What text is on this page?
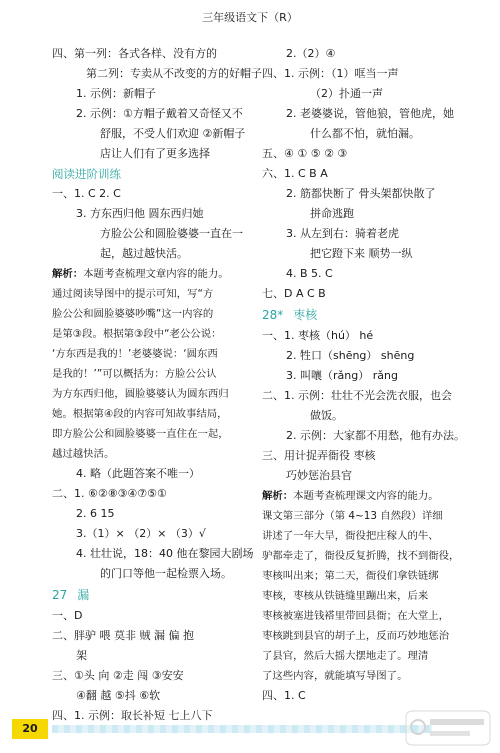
三年级语文下（R）
四、第一列：各式各样、没有方的
第二列：专卖从不改变的方的好帽子
1. 示例：新帽子
2. 示例：①方帽子戴着又奇怪又不
舒服，不受人们欢迎 ②新帽子
店让人们有了更多选择
阅读进阶训练
一、1. C 2. C
3. 方东西归他 圆东西归她
方脸公公和圆脸婆婆一直在一
起，越过越快活。
解析：本题考查梳理文章内容的能力。
通过阅读导图中的提示可知，写“方
脸公公和圆脸婆婆吵嘴”这一内容的
是第③段。根据第③段中“老公公说：
‘方东西是我的！’老婆婆说：‘圆东西
是我的！’”可以概括为：方脸公公认
为方东西归他，圆脸婆婆认为圆东西归
她。根据第④段的内容可知故事结局，
即方脸公公和圆脸婆婆一直住在一起，
越过越快活。
4. 略（此题答案不唯一）
二、1. ⑥②⑧③④⑦⑤①
2. 6 15
3.（1）× （2）× （3）√
4. 壮壮说，18：40 他在黎园大剧场
的门口等他一起检票入场。
27 漏
一、D
二、胖驴 喂 莫非 贼 漏 偏 抱
架
三、①头 向 ②走 闯 ③安安
④翻 越 ⑤抖 ⑥软
四、1. 示例：取长补短 七上八下
2.（2）④
四、1. 示例：（1）哐当一声
（2）扑通一声
2. 老婆婆说，管他狼，管他虎，她
什么都不怕，就怕漏。
五、④ ① ⑤ ② ③
六、1. C B A
2. 筋都快断了 骨头架都快散了
拼命逃跑
3. 从左到右：骑着老虎
把它蹬下来 顺势一纵
4. B 5. C
七、D A C B
28* 枣核
一、1. 枣核（hú） hé
2. 牲口（shēng） shēng
3. 叫嚷（rǎng） rǎng
二、1. 示例：壮壮不光会洗衣服，也会
做饭。
2. 示例：大家都不用愁，他有办法。
三、用计捉弄衙役 枣核
巧妙惩治县官
解析：本题考查梳理课文内容的能力。
课文第三部分（第 4~13 自然段）详细
讲述了一年大旱，衙役把庄稼人的牛、
驴都牵走了，衙役反复折腾，找不到衙役，
枣核叫出来；第二天，衙役们拿铁链绑
枣核，枣核从铁链缝里蹦出来，后来
枣核被塞进钱褡里带回县衙；在大堂上，
枣核跳到县官的胡子上，反而巧妙地惩治
了县官，然后大摇大摆地走了。理清
了这些内容，就能填写导图了。
四、1. C
20
